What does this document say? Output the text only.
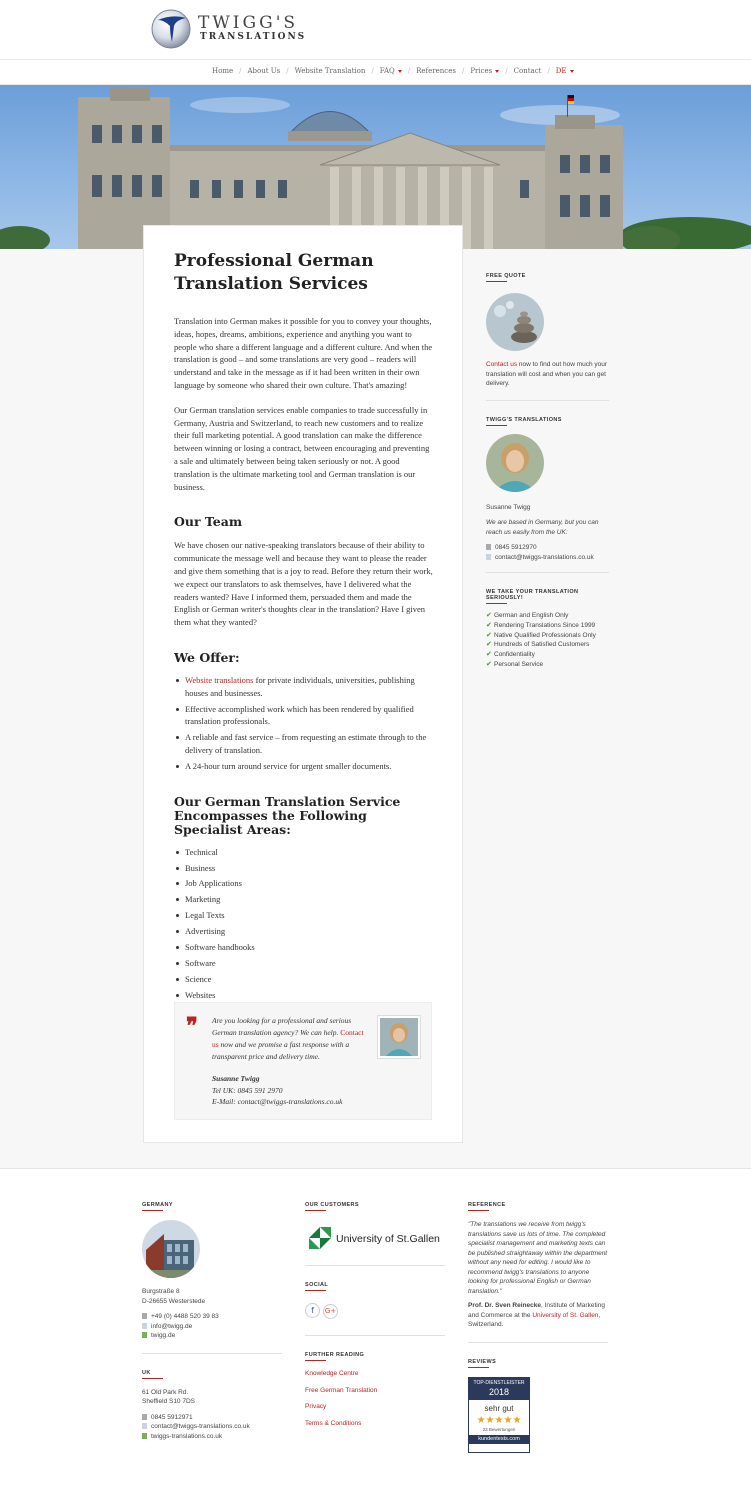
TWIGG'S
TRANSLATIONS
Home / About Us / Website Translation / FAQ	/ References / Prices	/ Contact / DE
Professional German Translation Services

Translation into German makes it possible for you to convey your thoughts, ideas, hopes, dreams, ambitions, experience and anything you want to people who share a different language and a different culture. And when the translation is good – and some translations are very good – readers will understand and take in the message as if it had been written in their own language by someone who shared their own culture. That's amazing!

Our German translation services enable companies to trade successfully in Germany, Austria and Switzerland, to reach new customers and to realize their full marketing potential. A good translation can make the difference between winning or losing a contract, between encouraging and preventing a sale and ultimately between being taken seriously or not. A good translation is the ultimate marketing tool and German translation is our business.

Our Team

We have chosen our native-speaking translators because of their ability to communicate the message well and because they want to please the reader and give them something that is a joy to read. Before they return their work, we expect our translators to ask themselves, have I delivered what the readers wanted? Have I informed them, persuaded them and made the English or German writer's thoughts clear in the translation? Have I given them what they wanted?

We Offer:
Website translations for private individuals, universities, publishing houses and businesses.
Effective accomplished work which has been rendered by qualified translation professionals.
A reliable and fast service – from requesting an estimate through to the delivery of translation.
A 24-hour turn around service for urgent smaller documents.
Our German Translation Service Encompasses the Following Specialist Areas:
Technical
Business
Job Applications
Marketing
Legal Texts
Advertising
Software handbooks
Software
Science
Websites
❞ Are you looking for a professional and serious German translation agency? We can help. Contact us now and we promise a fast response with a transparent price and delivery time.
Susanne Twigg
Tel UK: 0845 591 2970
E-Mail: contact@twiggs-translations.co.uk
FREE QUOTE

Contact us now to find out how much your translation will cost and when you can get delivery.

TWIGG'S TRANSLATIONS

Susanne Twigg

We are based in Germany, but you can reach us easily from the UK:

0845 5912970

contact@twiggs-translations.co.uk

WE TAKE YOUR TRANSLATION SERIOUSLY!
✔ German and English Only
✔ Rendering Translations Since 1999
✔ Native Qualified Professionals Only
✔ Hundreds of Satisfied Customers
✔ Confidentiality
✔ Personal Service
GERMANY

Burgstraße 8

D-26655 Westerstede

+49 (0) 4488 520 39 83

info@twigg.de

twigg.de

UK

61 Old Park Rd.

Sheffield S10 7DS

0845 5912971

contact@twiggs-translations.co.uk

twiggs-translations.co.uk

OUR CUSTOMERS
University of St.Gallen
SOCIAL
f G+
FURTHER READING
Knowledge Centre
Free German Translation
Privacy
Terms & Conditions
REFERENCE

"The translations we receive from twigg's translations save us lots of time. The completed specialist management and marketing texts can be published straightaway within the department without any need for editing. I would like to recommend twigg's translations to anyone looking for professional English or German translation."

Prof. Dr. Sven Reinecke, Institute of Marketing and Commerce at the University of St. Gallen, Switzerland.

REVIEWS
TOP-DIENSTLEISTER
2018
sehr gut
★★★★★
23 Bewertungen
kundentests.com
